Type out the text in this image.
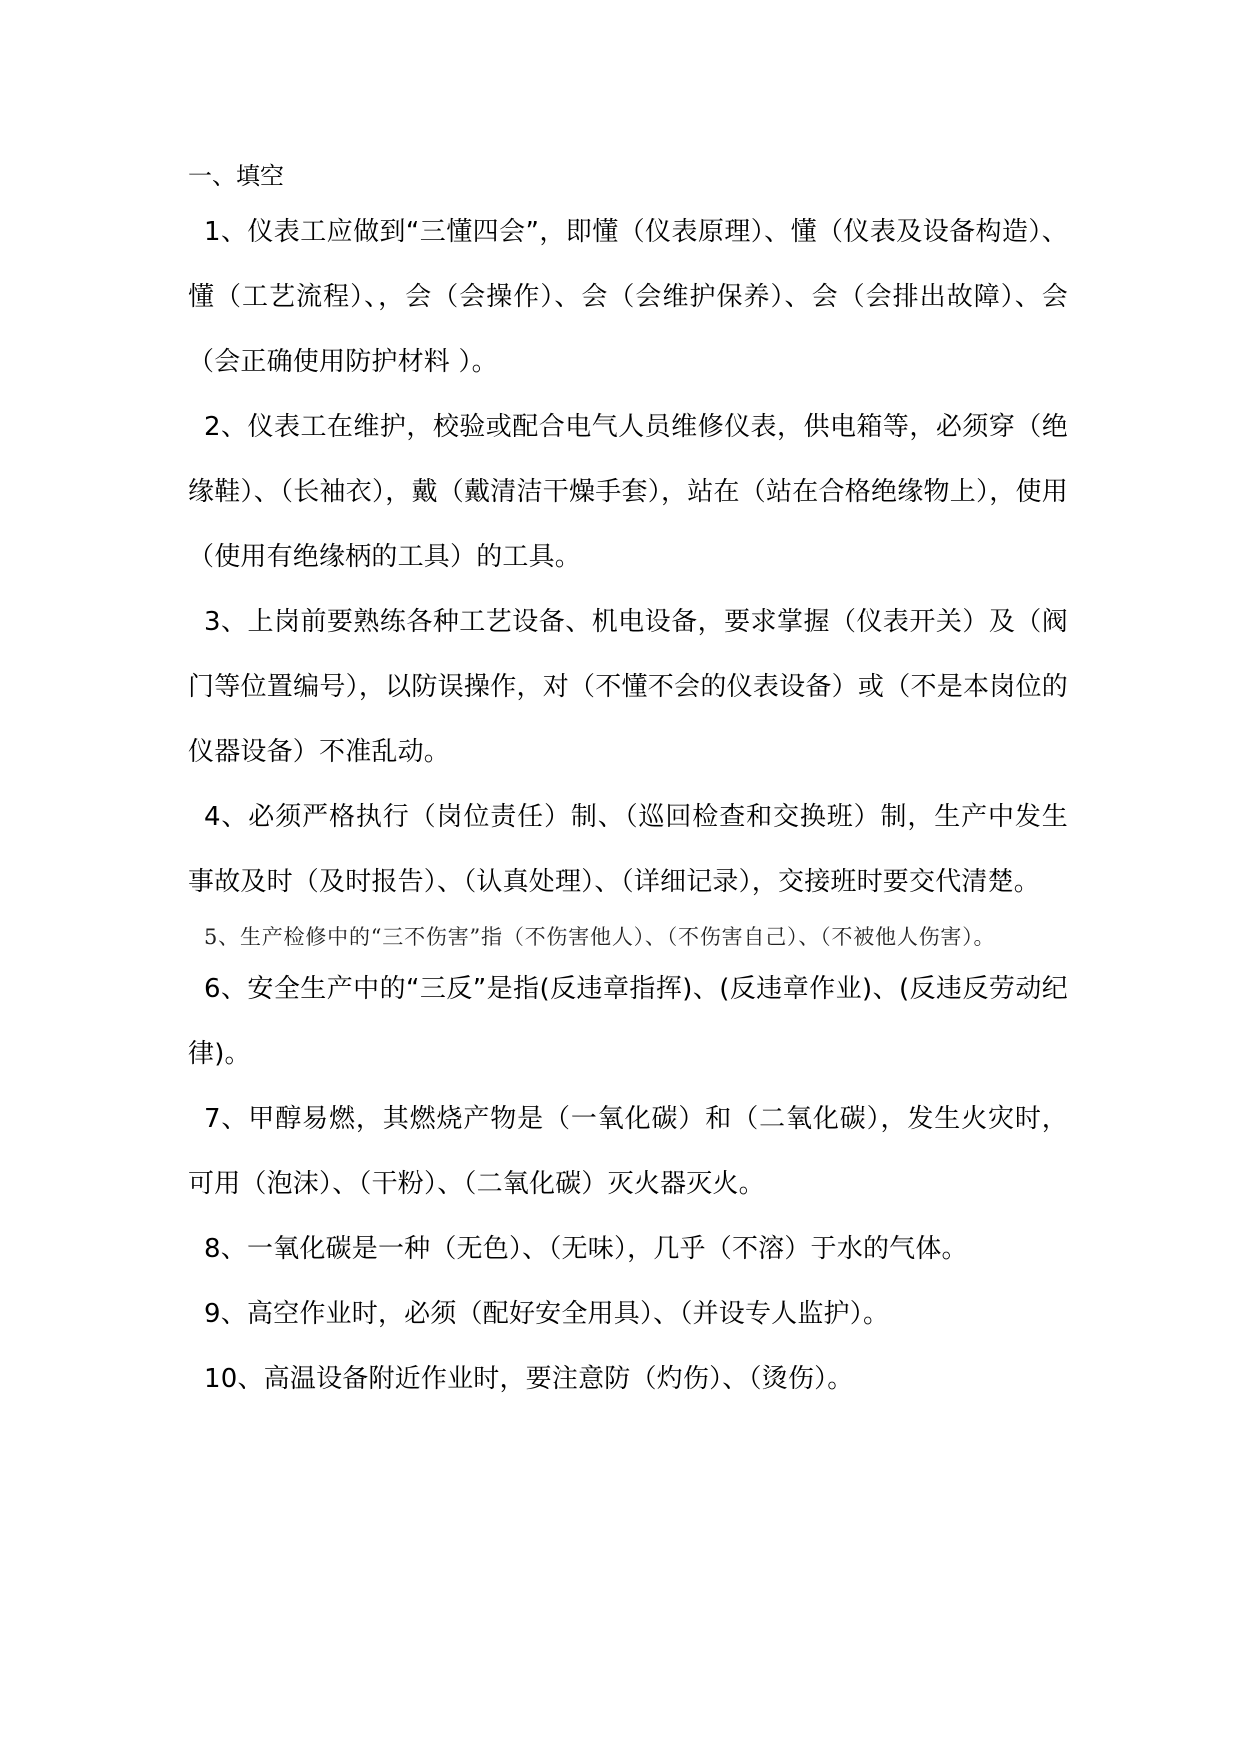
一、填空

1、仪表工应做到“三懂四会”，即懂（仪表原理）、懂（仪表及设备构造）、懂（工艺流程）、，会（会操作）、会（会维护保养）、会（会排出故障）、会（会正确使用防护材料 ）。

2、仪表工在维护，校验或配合电气人员维修仪表，供电箱等，必须穿（绝缘鞋）、（长袖衣），戴（戴清洁干燥手套），站在（站在合格绝缘物上），使用（使用有绝缘柄的工具）的工具。

3、上岗前要熟练各种工艺设备、机电设备，要求掌握（仪表开关）及（阀门等位置编号），以防误操作，对（不懂不会的仪表设备）或（不是本岗位的仪器设备）不准乱动。

4、必须严格执行（岗位责任）制、（巡回检查和交换班）制，生产中发生事故及时（及时报告）、（认真处理）、（详细记录），交接班时要交代清楚。

5、生产检修中的“三不伤害”指（不伤害他人）、（不伤害自己）、（不被他人伤害）。

6、安全生产中的“三反”是指(反违章指挥)、(反违章作业)、(反违反劳动纪律)。

7、甲醇易燃，其燃烧产物是（一氧化碳）和（二氧化碳），发生火灾时，可用（泡沫）、（干粉）、（二氧化碳）灭火器灭火。

8、一氧化碳是一种（无色）、（无味），几乎（不溶）于水的气体。

9、高空作业时，必须（配好安全用具）、（并设专人监护）。

10、高温设备附近作业时，要注意防（灼伤）、（烫伤）。
